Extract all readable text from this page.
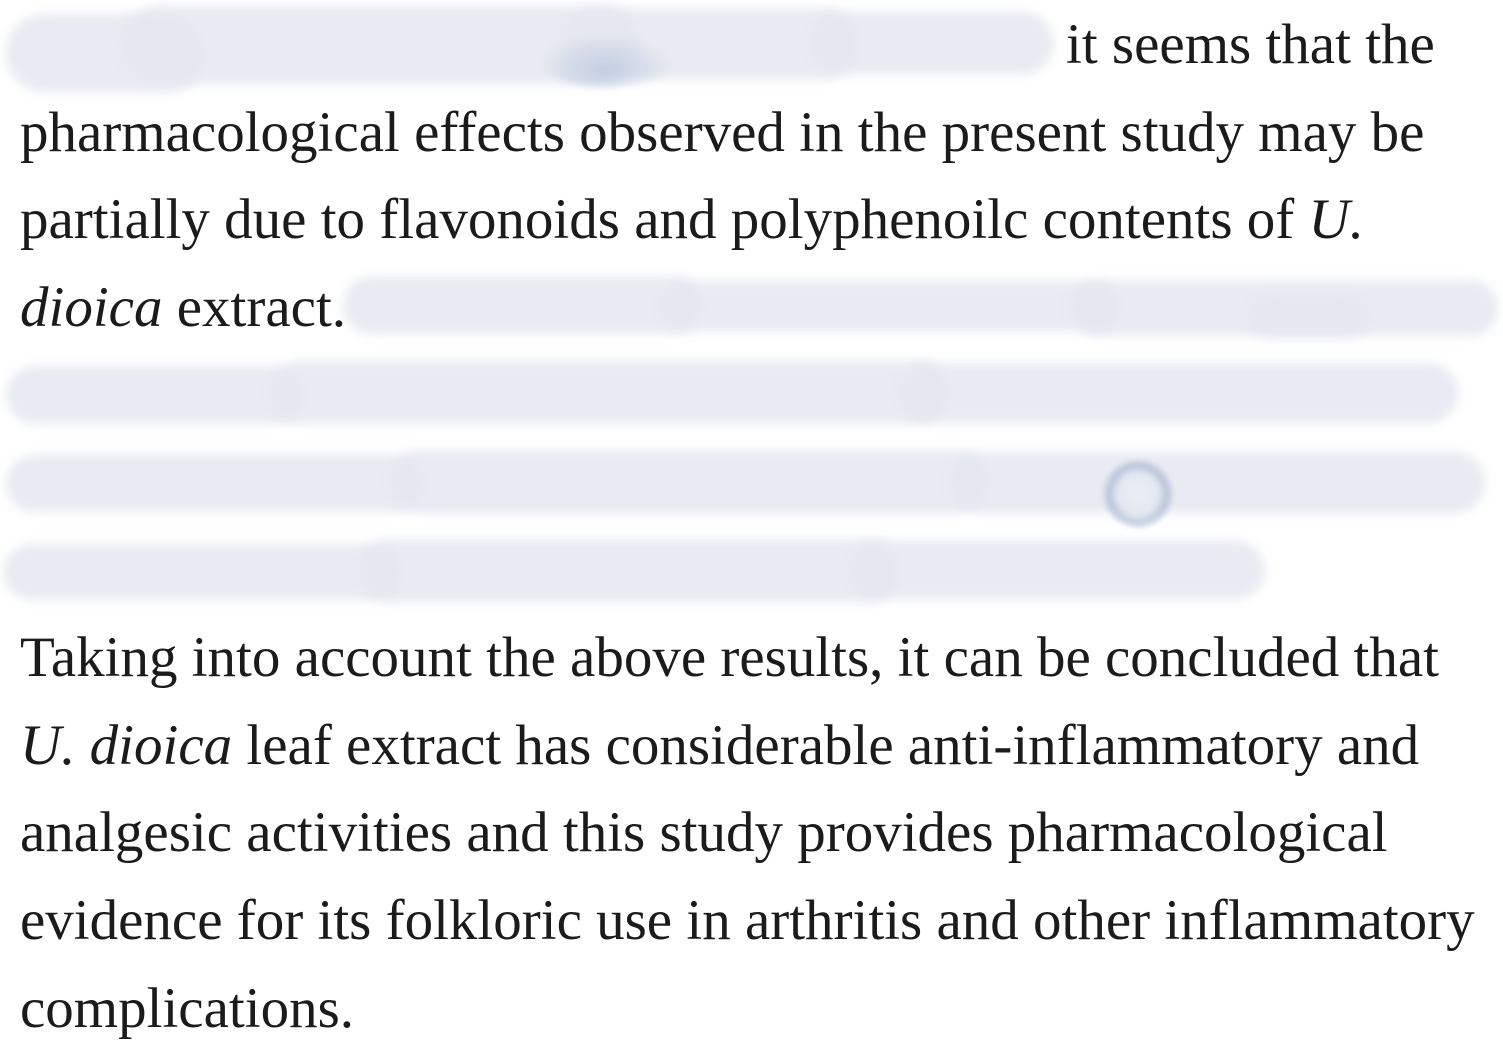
it seems that the
pharmacological effects observed in the present study may be
partially due to flavonoids and polyphenoilc contents of U.
dioica extract.
Taking into account the above results, it can be concluded that
U. dioica leaf extract has considerable anti-inflammatory and
analgesic activities and this study provides pharmacological
evidence for its folkloric use in arthritis and other inflammatory
complications.
